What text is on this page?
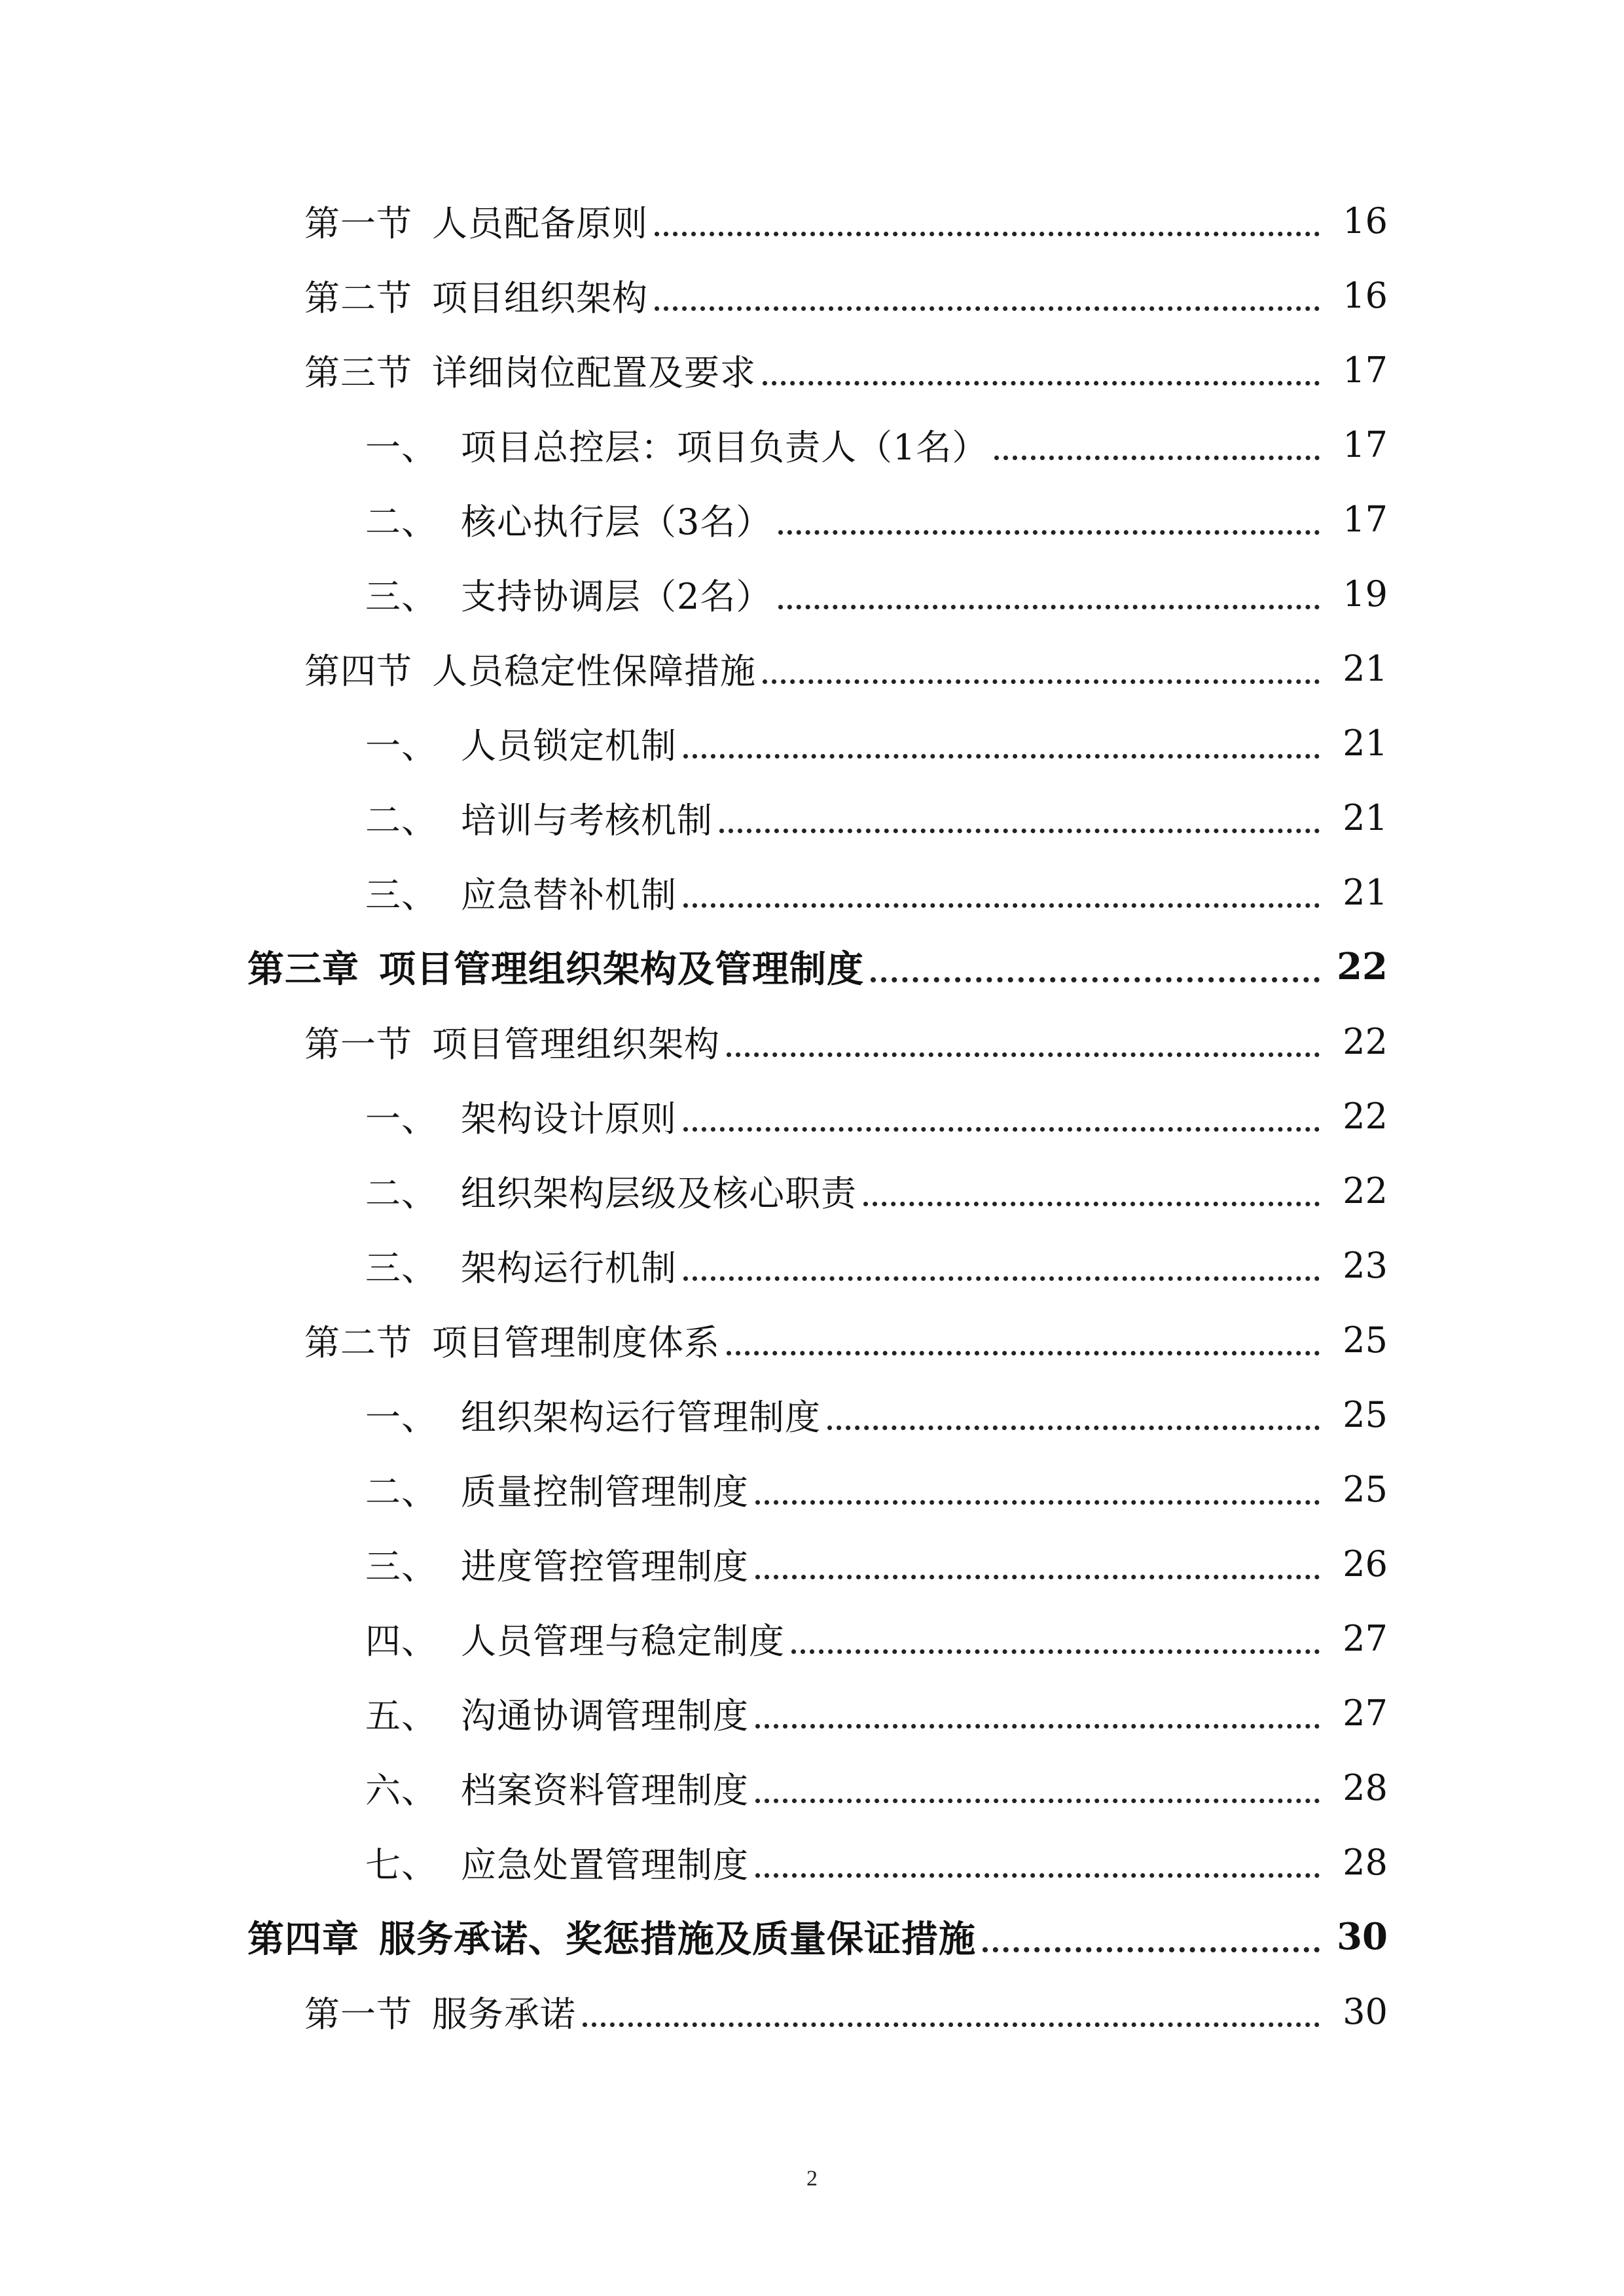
第一节 人员配备原则	16
第二节 项目组织架构	16
第三节 详细岗位配置及要求	17
一、 项目总控层：项目负责人（1名）	17
二、 核心执行层（3名）	17
三、 支持协调层（2名）	19
第四节 人员稳定性保障措施	21
一、 人员锁定机制	21
二、 培训与考核机制	21
三、 应急替补机制	21
第三章 项目管理组织架构及管理制度	22
第一节 项目管理组织架构	22
一、 架构设计原则	22
二、 组织架构层级及核心职责	22
三、 架构运行机制	23
第二节 项目管理制度体系	25
一、 组织架构运行管理制度	25
二、 质量控制管理制度	25
三、 进度管控管理制度	26
四、 人员管理与稳定制度	27
五、 沟通协调管理制度	27
六、 档案资料管理制度	28
七、 应急处置管理制度	28
第四章 服务承诺、奖惩措施及质量保证措施	30
第一节 服务承诺	30
2
